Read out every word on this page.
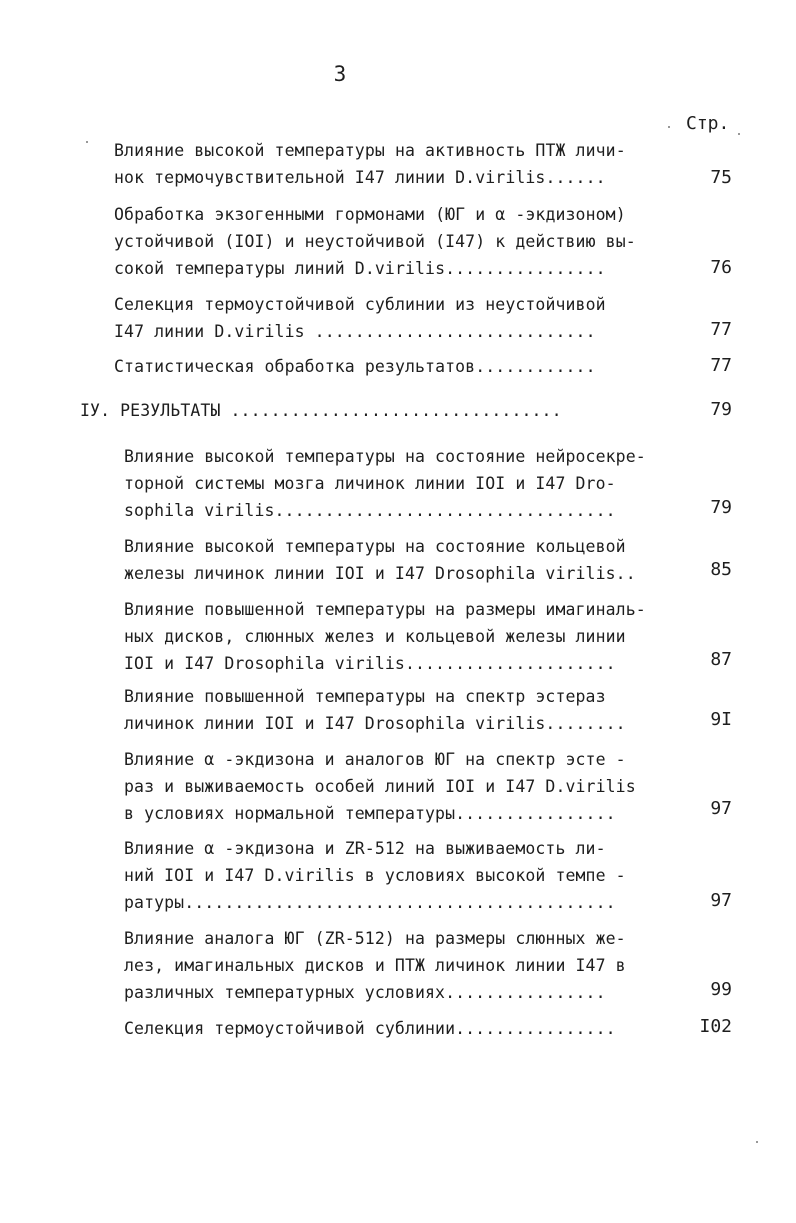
3
Стр.
Влияние высокой температуры на активность ПТЖ личи-
нок термочувствительной I47 линии D.virilis......	75
Обработка экзогенными гормонами (ЮГ и α -экдизоном)
устойчивой (IOI) и неустойчивой (I47) к действию вы-
сокой температуры линий D.virilis................	76
Селекция термоустойчивой сублинии из неустойчивой
I47 линии D.virilis ............................	77
Статистическая обработка результатов............	77
IУ. РЕЗУЛЬТАТЫ .................................	79
Влияние высокой температуры на состояние нейросекре-
торной системы мозга личинок линии IOI и I47 Dro-
sophila virilis..................................	79
Влияние высокой температуры на состояние кольцевой
железы личинок линии IOI и I47 Drosophila virilis..	85
Влияние повышенной температуры на размеры имагиналь-
ных дисков, слюнных желез и кольцевой железы линии
IOI и I47 Drosophila virilis.....................	87
Влияние повышенной температуры на спектр эстераз
личинок линии IOI и I47 Drosophila virilis........	9I
Влияние α -экдизона и аналогов ЮГ на спектр эсте -
раз и выживаемость особей линий IOI и I47 D.virilis
в условиях нормальной температуры................	97
Влияние α -экдизона и ZR-512 на выживаемость ли-
ний IOI и I47 D.virilis в условиях высокой темпе -
ратуры...........................................	97
Влияние аналога ЮГ (ZR-512) на размеры слюнных же-
лез, имагинальных дисков и ПТЖ личинок линии I47 в
различных температурных условиях................	99
Селекция термоустойчивой сублинии................	I02
